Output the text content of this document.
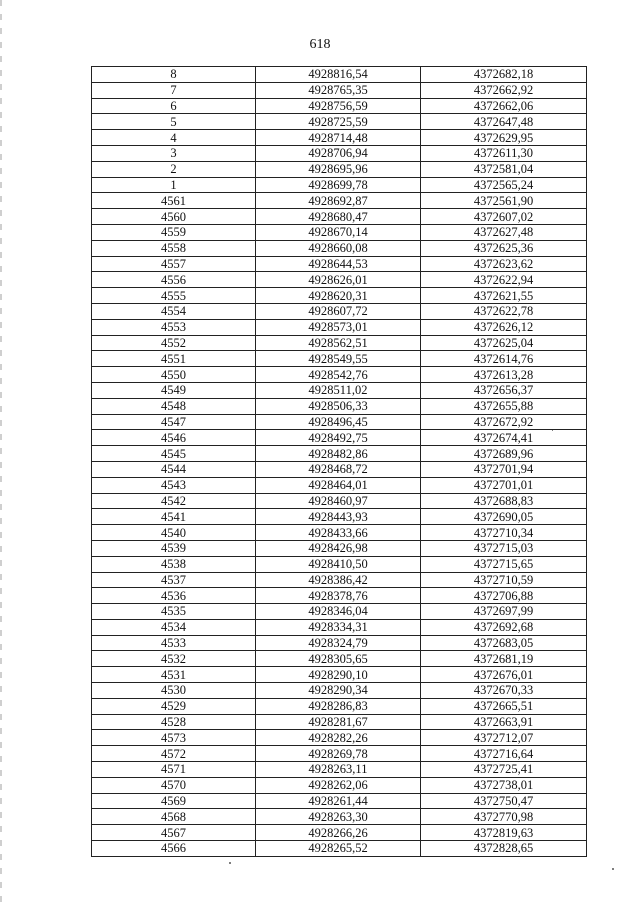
618
8	4928816,54	4372682,18
7	4928765,35	4372662,92
6	4928756,59	4372662,06
5	4928725,59	4372647,48
4	4928714,48	4372629,95
3	4928706,94	4372611,30
2	4928695,96	4372581,04
1	4928699,78	4372565,24
4561	4928692,87	4372561,90
4560	4928680,47	4372607,02
4559	4928670,14	4372627,48
4558	4928660,08	4372625,36
4557	4928644,53	4372623,62
4556	4928626,01	4372622,94
4555	4928620,31	4372621,55
4554	4928607,72	4372622,78
4553	4928573,01	4372626,12
4552	4928562,51	4372625,04
4551	4928549,55	4372614,76
4550	4928542,76	4372613,28
4549	4928511,02	4372656,37
4548	4928506,33	4372655,88
4547	4928496,45	4372672,92
4546	4928492,75	4372674,41
4545	4928482,86	4372689,96
4544	4928468,72	4372701,94
4543	4928464,01	4372701,01
4542	4928460,97	4372688,83
4541	4928443,93	4372690,05
4540	4928433,66	4372710,34
4539	4928426,98	4372715,03
4538	4928410,50	4372715,65
4537	4928386,42	4372710,59
4536	4928378,76	4372706,88
4535	4928346,04	4372697,99
4534	4928334,31	4372692,68
4533	4928324,79	4372683,05
4532	4928305,65	4372681,19
4531	4928290,10	4372676,01
4530	4928290,34	4372670,33
4529	4928286,83	4372665,51
4528	4928281,67	4372663,91
4573	4928282,26	4372712,07
4572	4928269,78	4372716,64
4571	4928263,11	4372725,41
4570	4928262,06	4372738,01
4569	4928261,44	4372750,47
4568	4928263,30	4372770,98
4567	4928266,26	4372819,63
4566	4928265,52	4372828,65
